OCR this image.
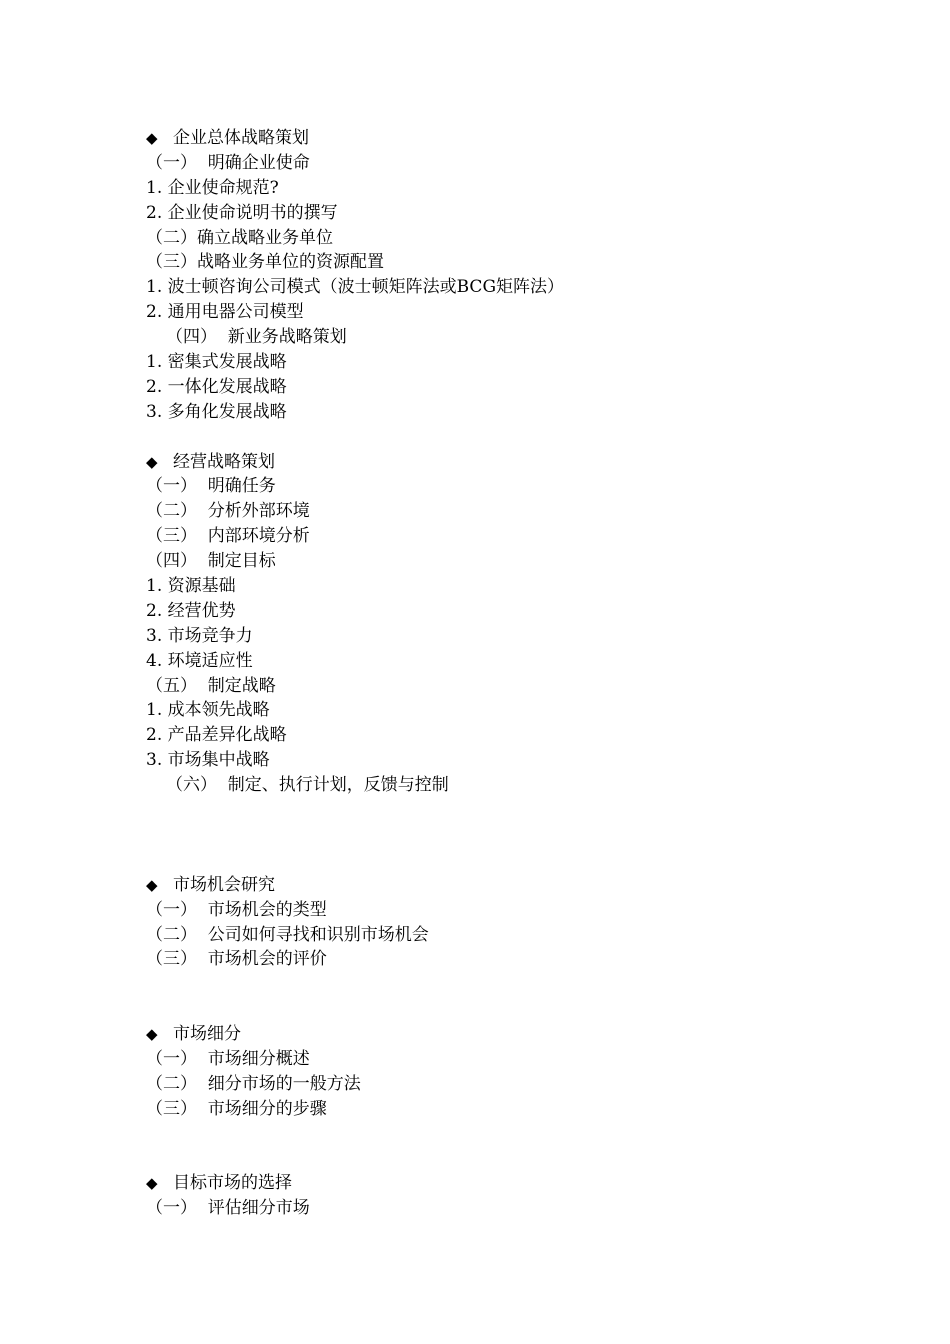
◆ 企业总体战略策划
（一）  明确企业使命
1. 企业使命规范?
2. 企业使命说明书的撰写
（二）确立战略业务单位
（三）战略业务单位的资源配置
1. 波士顿咨询公司模式（波士顿矩阵法或BCG矩阵法）
2. 通用电器公司模型
（四）  新业务战略策划
1. 密集式发展战略
2. 一体化发展战略
3. 多角化发展战略
◆ 经营战略策划
（一）  明确任务
（二）  分析外部环境
（三）  内部环境分析
（四）  制定目标
1. 资源基础
2. 经营优势
3. 市场竞争力
4. 环境适应性
（五）  制定战略
1. 成本领先战略
2. 产品差异化战略
3. 市场集中战略
（六）  制定、执行计划，反馈与控制
◆ 市场机会研究
（一）  市场机会的类型
（二）  公司如何寻找和识别市场机会
（三）  市场机会的评价
◆ 市场细分
（一）  市场细分概述
（二）  细分市场的一般方法
（三）  市场细分的步骤
◆ 目标市场的选择
（一）  评估细分市场
